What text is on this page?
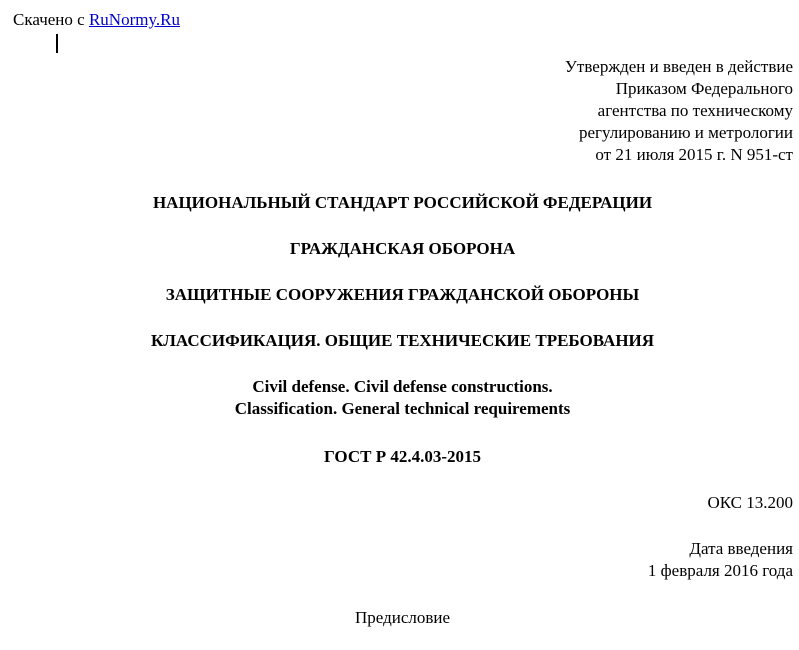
Скачено с RuNormy.Ru
Утвержден и введен в действие
Приказом Федерального
агентства по техническому
регулированию и метрологии
от 21 июля 2015 г. N 951-ст
НАЦИОНАЛЬНЫЙ СТАНДАРТ РОССИЙСКОЙ ФЕДЕРАЦИИ
ГРАЖДАНСКАЯ ОБОРОНА
ЗАЩИТНЫЕ СООРУЖЕНИЯ ГРАЖДАНСКОЙ ОБОРОНЫ
КЛАССИФИКАЦИЯ. ОБЩИЕ ТЕХНИЧЕСКИЕ ТРЕБОВАНИЯ
Civil defense. Civil defense constructions.
Classification. General technical requirements
ГОСТ Р 42.4.03-2015
ОКС 13.200
Дата введения
1 февраля 2016 года
Предисловие
